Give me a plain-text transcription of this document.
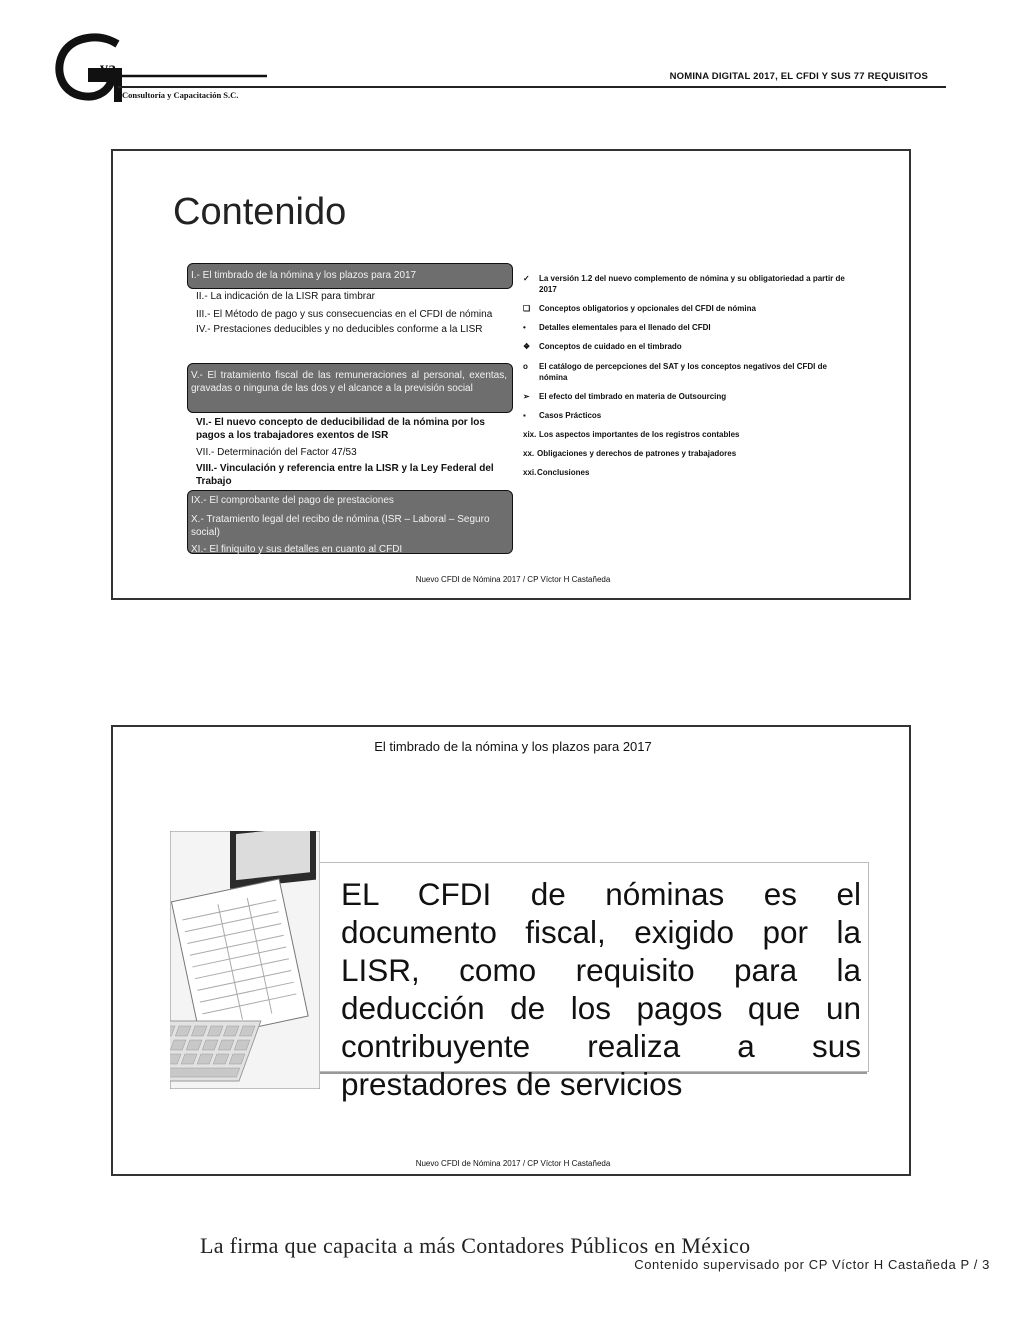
va
Consultoría y Capacitación S.C.
NOMINA DIGITAL 2017, EL CFDI Y SUS 77 REQUISITOS
Contenido
I.- El timbrado de la nómina y los plazos para 2017
II.- La indicación de la LISR para timbrar
III.- El Método de pago y sus consecuencias en el CFDI de nómina
IV.- Prestaciones deducibles y no deducibles conforme a la LISR
V.- El tratamiento fiscal de las remuneraciones al personal, exentas, gravadas o ninguna de las dos y el alcance a la previsión social
VI.- El nuevo concepto de deducibilidad de la nómina por los pagos a los trabajadores exentos de ISR
VII.- Determinación del Factor 47/53
VIII.- Vinculación y referencia entre la LISR y la Ley Federal del Trabajo
IX.- El comprobante del pago de prestaciones
X.- Tratamiento legal del recibo de nómina (ISR – Laboral – Seguro social)
XI.- El finiquito y sus detalles en cuanto al CFDI
✓ La versión 1.2 del nuevo complemento de nómina y su obligatoriedad a partir de 2017
❑ Conceptos obligatorios y opcionales del CFDI de nómina
• Detalles elementales para el llenado del CFDI
❖ Conceptos de cuidado en el timbrado
o El catálogo de percepciones del SAT y los conceptos negativos del CFDI de nómina
➢ El efecto del timbrado en materia de Outsourcing
▪ Casos Prácticos
xix. Los aspectos importantes de los registros contables
xx. Obligaciones y derechos de patrones y trabajadores
xxi.Conclusiones
Nuevo CFDI de Nómina 2017 / CP Víctor H Castañeda
El timbrado de la nómina y los plazos para 2017
EL CFDI de nóminas es el documento fiscal, exigido por la LISR, como requisito para la deducción de los pagos que un contribuyente realiza a sus prestadores de servicios
Nuevo CFDI de Nómina 2017 / CP Víctor H Castañeda
La firma que capacita a más Contadores Públicos en México
Contenido supervisado por CP Víctor H Castañeda P / 3
